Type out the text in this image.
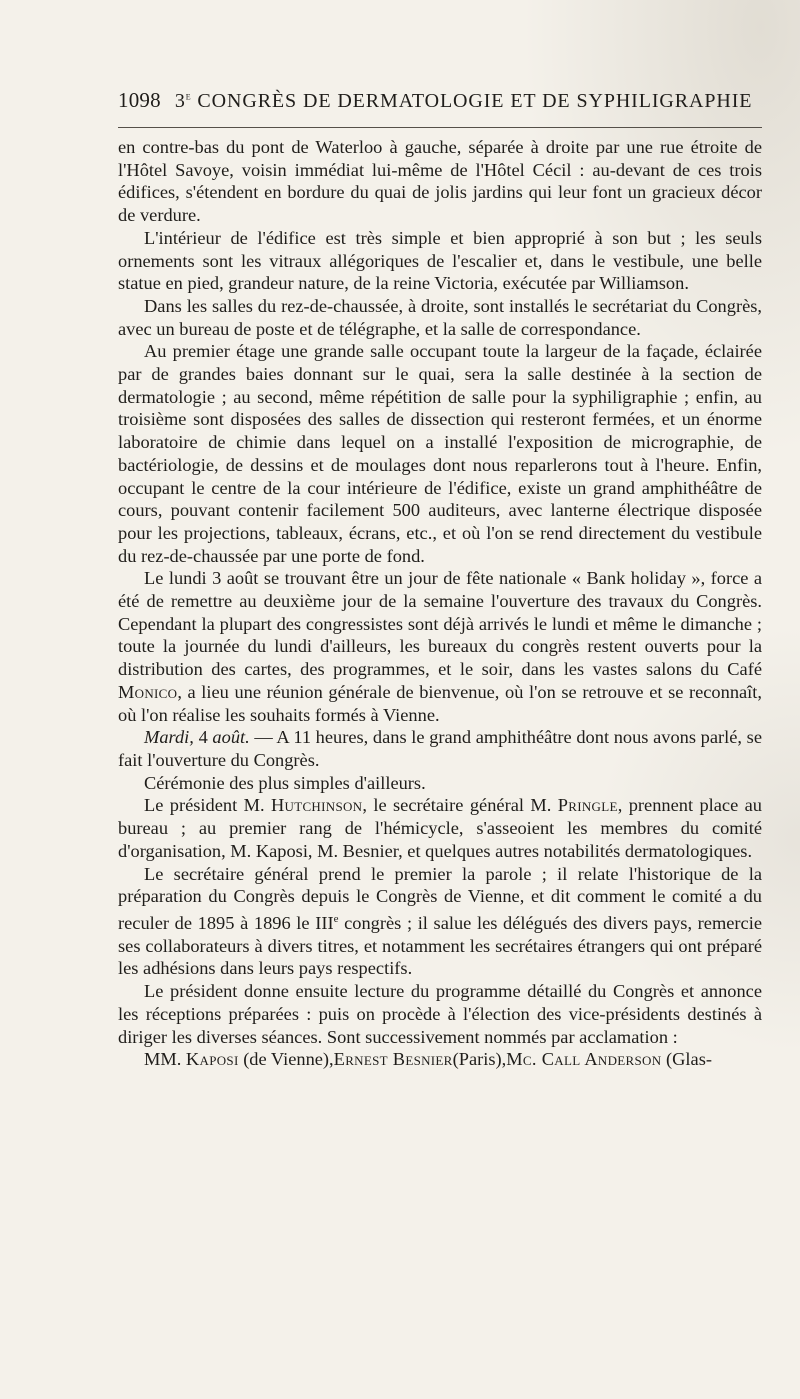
1098 3e CONGRÈS DE DERMATOLOGIE ET DE SYPHILIGRAPHIE

en contre-bas du pont de Waterloo à gauche, séparée à droite par une rue étroite de l'Hôtel Savoye, voisin immédiat lui-même de l'Hôtel Cécil : au-devant de ces trois édifices, s'étendent en bordure du quai de jolis jardins qui leur font un gracieux décor de verdure.

L'intérieur de l'édifice est très simple et bien approprié à son but ; les seuls ornements sont les vitraux allégoriques de l'escalier et, dans le vestibule, une belle statue en pied, grandeur nature, de la reine Victoria, exécutée par Williamson.

Dans les salles du rez-de-chaussée, à droite, sont installés le secrétariat du Congrès, avec un bureau de poste et de télégraphe, et la salle de correspondance.

Au premier étage une grande salle occupant toute la largeur de la façade, éclairée par de grandes baies donnant sur le quai, sera la salle destinée à la section de dermatologie ; au second, même répétition de salle pour la syphiligraphie ; enfin, au troisième sont disposées des salles de dissection qui resteront fermées, et un énorme laboratoire de chimie dans lequel on a installé l'exposition de micrographie, de bactériologie, de dessins et de moulages dont nous reparlerons tout à l'heure. Enfin, occupant le centre de la cour intérieure de l'édifice, existe un grand amphithéâtre de cours, pouvant contenir facilement 500 auditeurs, avec lanterne électrique disposée pour les projections, tableaux, écrans, etc., et où l'on se rend directement du vestibule du rez-de-chaussée par une porte de fond.

Le lundi 3 août se trouvant être un jour de fête nationale « Bank holiday », force a été de remettre au deuxième jour de la semaine l'ouverture des travaux du Congrès. Cependant la plupart des congressistes sont déjà arrivés le lundi et même le dimanche ; toute la journée du lundi d'ailleurs, les bureaux du congrès restent ouverts pour la distribution des cartes, des programmes, et le soir, dans les vastes salons du Café Monico, a lieu une réunion générale de bienvenue, où l'on se retrouve et se reconnaît, où l'on réalise les souhaits formés à Vienne.

Mardi, 4 août. — A 11 heures, dans le grand amphithéâtre dont nous avons parlé, se fait l'ouverture du Congrès.

Cérémonie des plus simples d'ailleurs.

Le président M. Hutchinson, le secrétaire général M. Pringle, prennent place au bureau ; au premier rang de l'hémicycle, s'asseoient les membres du comité d'organisation, M. Kaposi, M. Besnier, et quelques autres notabilités dermatologiques.

Le secrétaire général prend le premier la parole ; il relate l'historique de la préparation du Congrès depuis le Congrès de Vienne, et dit comment le comité a du reculer de 1895 à 1896 le IIIe congrès ; il salue les délégués des divers pays, remercie ses collaborateurs à divers titres, et notamment les secrétaires étrangers qui ont préparé les adhésions dans leurs pays respectifs.

Le président donne ensuite lecture du programme détaillé du Congrès et annonce les réceptions préparées : puis on procède à l'élection des vice-présidents destinés à diriger les diverses séances. Sont successivement nommés par acclamation :

MM. Kaposi (de Vienne),Ernest Besnier(Paris),Mc. Call Anderson (Glas-
